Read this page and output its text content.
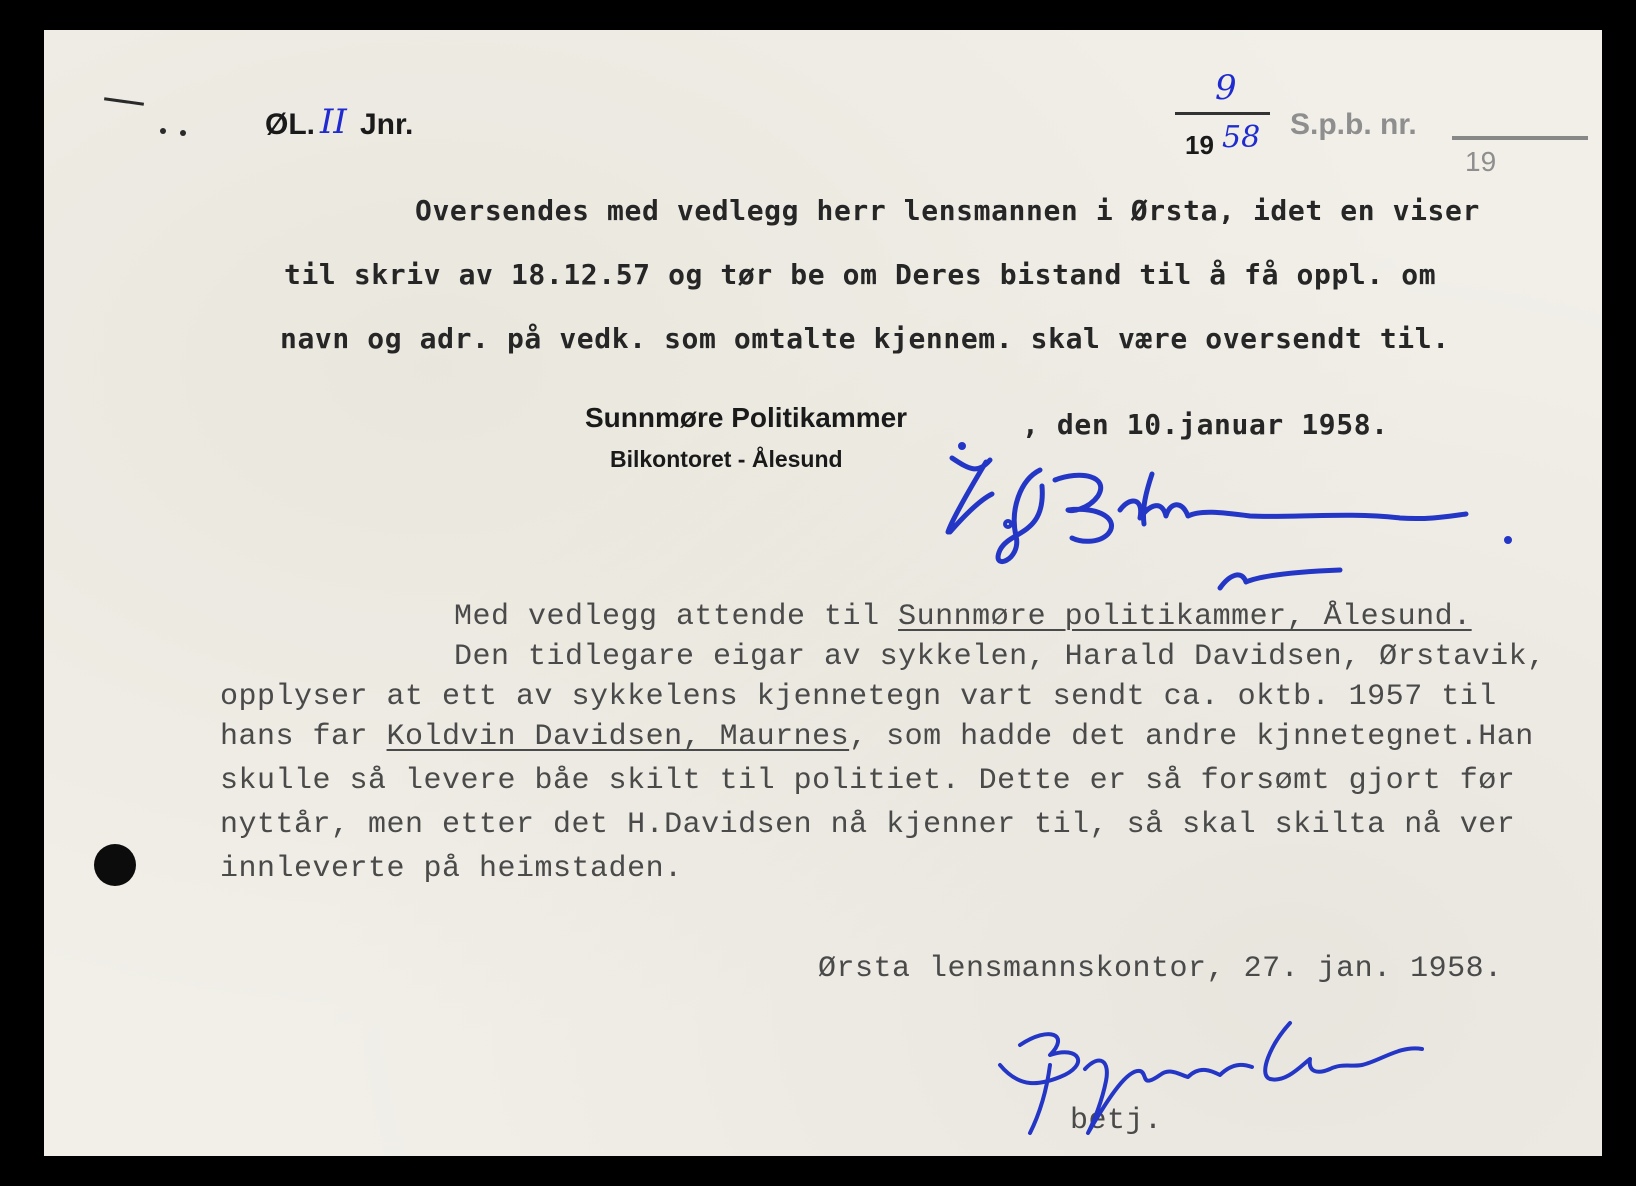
ØL. II Jnr.
9
19 58 S.p.b. nr.
19
Oversendes med vedlegg herr lensmannen i Ørsta, idet en viser
til skriv av 18.12.57 og tør be om Deres bistand til å få oppl. om
navn og adr. på vedk. som omtalte kjennem. skal være oversendt til.
Sunnmøre Politikammer
Bilkontoret - Ålesund
, den 10.januar 1958.
Med vedlegg attende til Sunnmøre politikammer, Ålesund.
Den tidlegare eigar av sykkelen, Harald Davidsen, Ørstavik,
opplyser at ett av sykkelens kjennetegn vart sendt ca. oktb. 1957 til
hans far Koldvin Davidsen, Maurnes, som hadde det andre kjnnetegnet.Han
skulle så levere båe skilt til politiet. Dette er så forsømt gjort før
nyttår, men etter det H.Davidsen nå kjenner til, så skal skilta nå ver
innleverte på heimstaden.
Ørsta lensmannskontor, 27. jan. 1958.
betj.
